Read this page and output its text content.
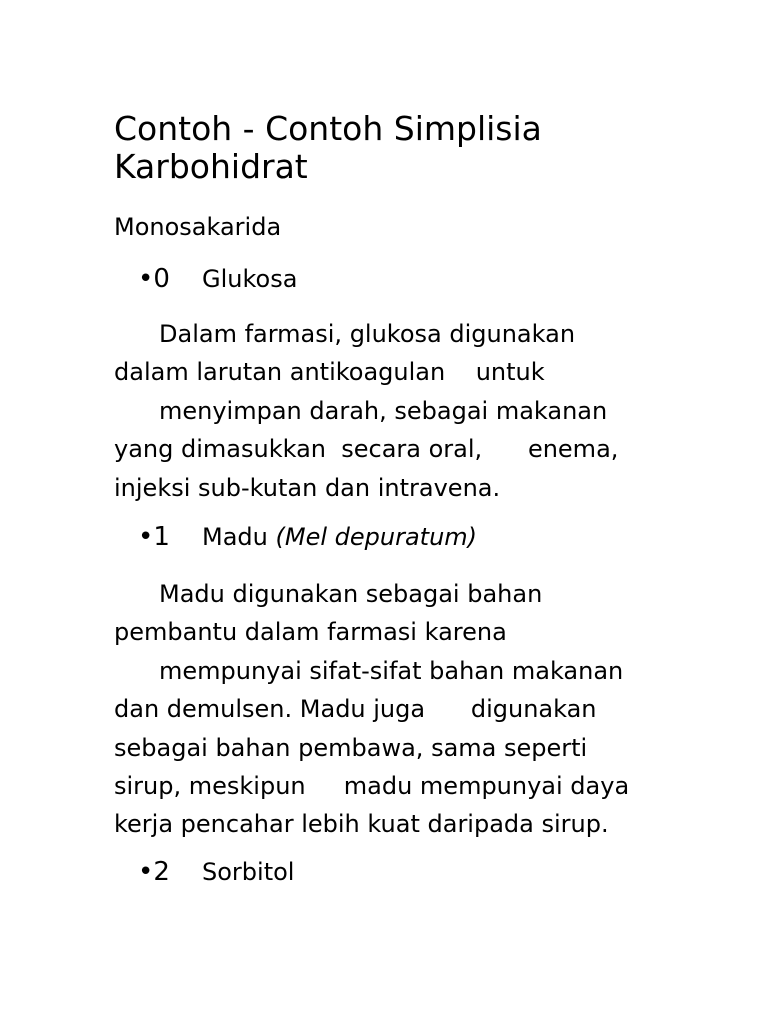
Contoh - Contoh Simplisia Karbohidrat

Monosakarida

•0	Glukosa
Dalam farmasi, glukosa digunakan
dalam larutan antikoagulan    untuk
menyimpan darah, sebagai makanan
yang dimasukkan  secara oral,      enema,
injeksi sub-kutan dan intravena.
•1	Madu (Mel depuratum)
Madu digunakan sebagai bahan
pembantu dalam farmasi karena
mempunyai sifat-sifat bahan makanan
dan demulsen. Madu juga      digunakan
sebagai bahan pembawa, sama seperti
sirup, meskipun     madu mempunyai daya
kerja pencahar lebih kuat daripada sirup.
•2	Sorbitol
